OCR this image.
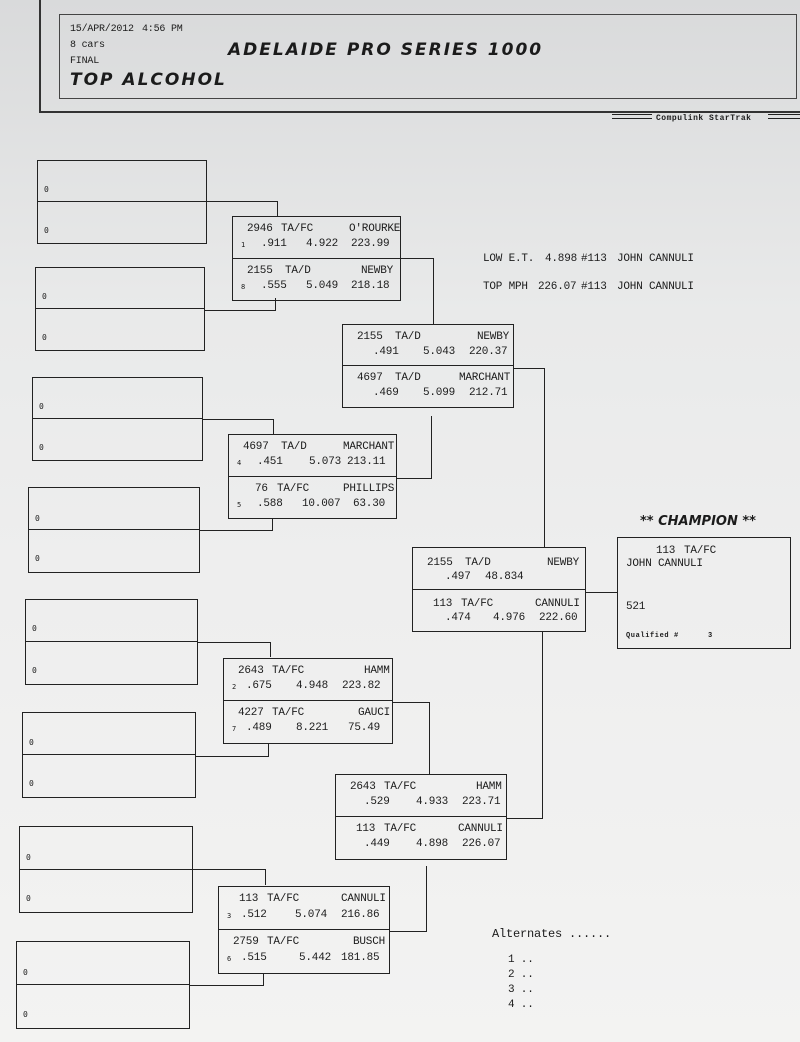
15/APR/2012 4:56 PM
8 cars
FINAL
ADELAIDE PRO SERIES 1000
TOP ALCOHOL
Compulink StarTrak
0
0
0
0
0
0
0
0
0
0
0
0
0
0
0
0
2946 TA/FC	O'ROURKE
1 .911 4.922 223.99
2155 TA/D	NEWBY
8 .555 5.049 218.18
4697 TA/D	MARCHANT
4 .451 5.073 213.11
76 TA/FC	PHILLIPS
5 .588 10.007 63.30
2643 TA/FC	HAMM
2 .675 4.948 223.82
4227 TA/FC	GAUCI
7 .489 8.221 75.49
113 TA/FC	CANNULI
3 .512	5.074 216.86
2759 TA/FC	BUSCH
6 .515	5.442 181.85
2155 TA/D	NEWBY
.491 5.043 220.37
4697 TA/D	MARCHANT
.469 5.099 212.71
2643 TA/FC	HAMM
.529 4.933 223.71
113 TA/FC	CANNULI
.449 4.898 226.07
2155 TA/D	NEWBY
.497 48.834
113 TA/FC	CANNULI
.474 4.976 222.60
LOW E.T. 4.898 #113 JOHN CANNULI
TOP MPH 226.07 #113 JOHN CANNULI
** CHAMPION **
113 TA/FC
JOHN CANNULI
521
Qualified #	3
Alternates ......
1 ..
2 ..
3 ..
4 ..
